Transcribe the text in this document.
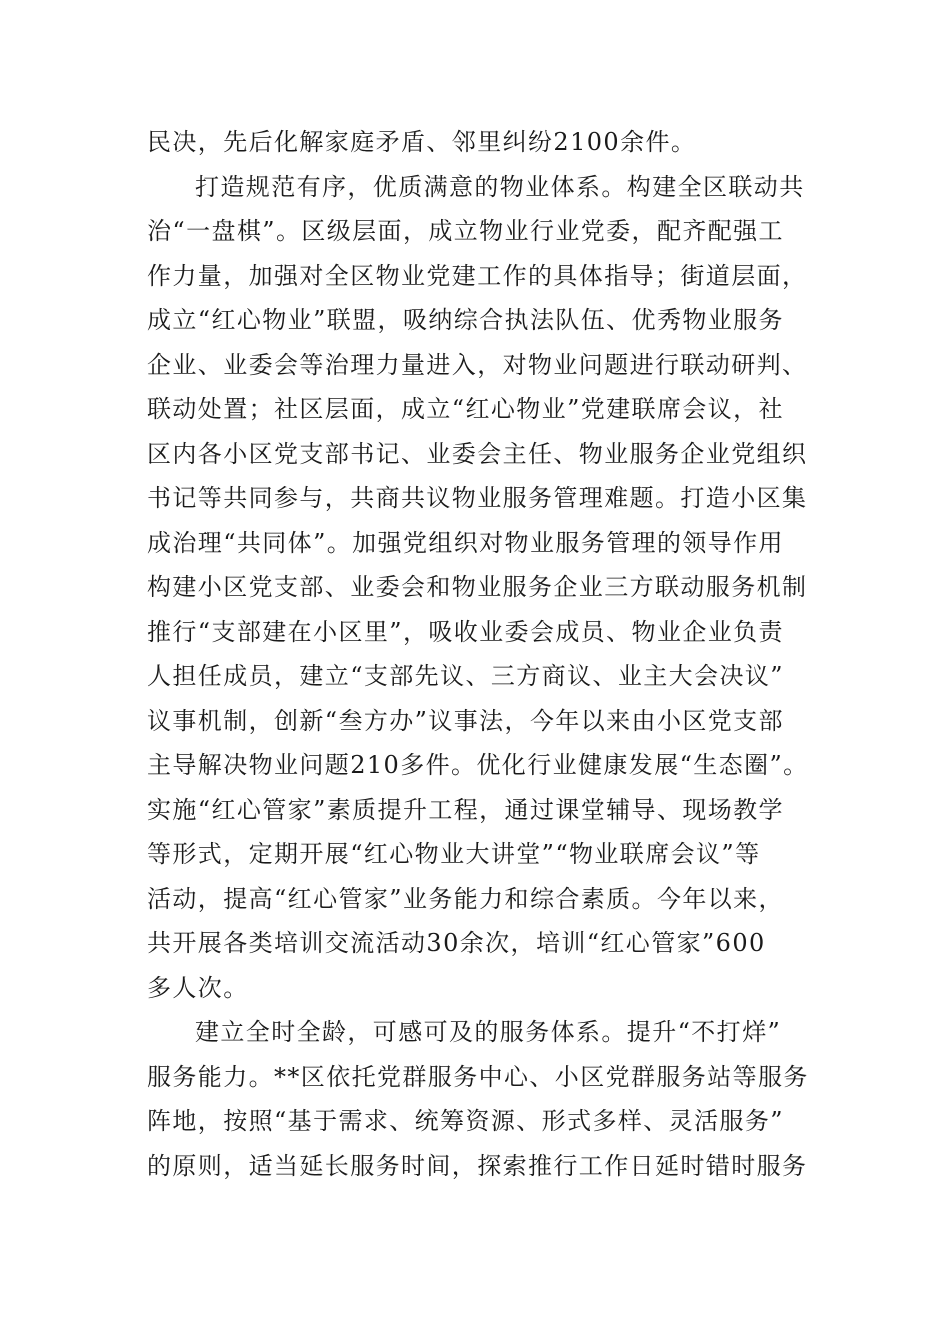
民决，先后化解家庭矛盾、邻里纠纷2100余件。
打造规范有序，优质满意的物业体系。构建全区联动共
治“一盘棋”。区级层面，成立物业行业党委，配齐配强工
作力量，加强对全区物业党建工作的具体指导；街道层面，
成立“红心物业”联盟，吸纳综合执法队伍、优秀物业服务
企业、业委会等治理力量进入，对物业问题进行联动研判、
联动处置；社区层面，成立“红心物业”党建联席会议，社
区内各小区党支部书记、业委会主任、物业服务企业党组织
书记等共同参与，共商共议物业服务管理难题。打造小区集
成治理“共同体”。加强党组织对物业服务管理的领导作用
构建小区党支部、业委会和物业服务企业三方联动服务机制
推行“支部建在小区里”，吸收业委会成员、物业企业负责
人担任成员，建立“支部先议、三方商议、业主大会决议”
议事机制，创新“叁方办”议事法，今年以来由小区党支部
主导解决物业问题210多件。优化行业健康发展“生态圈”。
实施“红心管家”素质提升工程，通过课堂辅导、现场教学
等形式，定期开展“红心物业大讲堂”“物业联席会议”等
活动，提高“红心管家”业务能力和综合素质。今年以来，
共开展各类培训交流活动30余次，培训“红心管家”600
多人次。
建立全时全龄，可感可及的服务体系。提升“不打烊”
服务能力。**区依托党群服务中心、小区党群服务站等服务
阵地，按照“基于需求、统筹资源、形式多样、灵活服务”
的原则，适当延长服务时间，探索推行工作日延时错时服务
